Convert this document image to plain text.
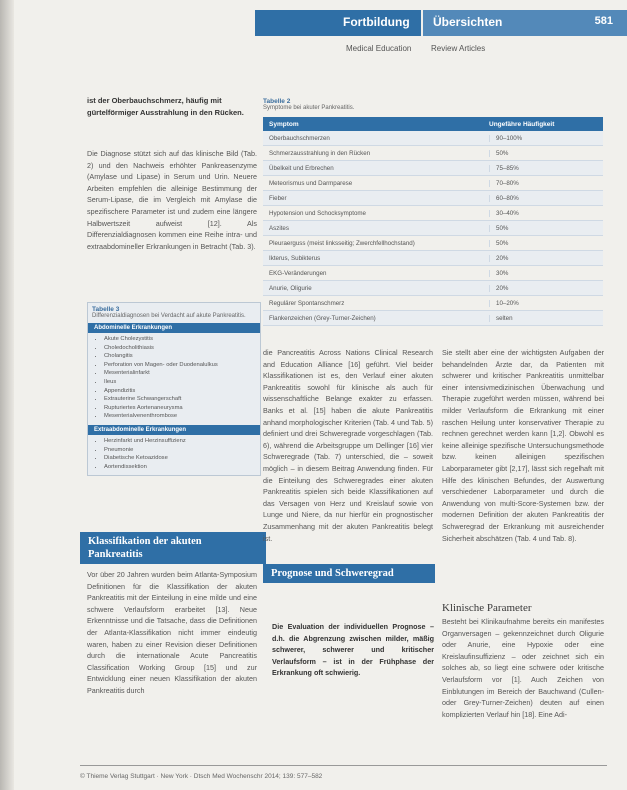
Fortbildung Übersichten	581
Medical Education Review Articles
ist der Oberbauchschmerz, häufig mit gürtelförmiger Ausstrahlung in den Rücken.
Die Diagnose stützt sich auf das klinische Bild (Tab. 2) und den Nachweis erhöhter Pankreasenzyme (Amylase und Lipase) in Serum und Urin. Neuere Arbeiten empfehlen die alleinige Bestimmung der Serum-Lipase, die im Vergleich mit Amylase die spezifischere Parameter ist und zudem eine längere Halbwertszeit aufweist [12]. Als Differenzialdiagnosen kommen eine Reihe intra- und extraabdomineller Erkrankungen in Betracht (Tab. 3).
Tabelle 2
Symptome bei akuter Pankreatitis.
Symptom	Ungefähre Häufigkeit
Oberbauchschmerzen	90–100%
Schmerzausstrahlung in den Rücken	50%
Übelkeit und Erbrechen	75–85%
Meteorismus und Darmparese	70–80%
Fieber	60–80%
Hypotension und Schocksymptome	30–40%
Aszites	50%
Pleuraerguss (meist linksseitig; Zwerchfellhochstand)	50%
Ikterus, Subikterus	20%
EKG-Veränderungen	30%
Anurie, Oligurie	20%
Regulärer Spontanschmerz	10–20%
Flankenzeichen (Grey-Turner-Zeichen)	selten
Tabelle 3
Differenzialdiagnosen bei Verdacht auf akute Pankreatitis.
Abdominelle Erkrankungen
• Akute Cholezystitis
• Choledocholithiasis
• Cholangitis
• Perforation von Magen- oder Duodenalulkus
• Mesenterialinfarkt
• Ileus
• Appendizitis
• Extrauterine Schwangerschaft
• Rupturiertes Aortenaneurysma
• Mesenterialvenenthrombose
Extraabdominelle Erkrankungen
• Herzinfarkt und Herzinsuffizienz
• Pneumonie
• Diabetische Ketoazidose
• Aortendissektion
Klassifikation der akuten Pankreatitis
Vor über 20 Jahren wurden beim Atlanta-Symposium Definitionen für die Klassifikation der akuten Pankreatitis mit der Einteilung in eine milde und eine schwere Verlaufsform erarbeitet [13]. Neue Erkenntnisse und die Tatsache, dass die Definitionen der Atlanta-Klassifikation nicht immer eindeutig waren, haben zu einer Revision dieser Definitionen durch die internationale Acute Pancreatitis Classification Working Group [15] und zur Entwicklung einer neuen Klassifikation der akuten Pankreatitis durch
die Pancreatitis Across Nations Clinical Research and Education Alliance [16] geführt. Viel beider Klassifikationen ist es, den Verlauf einer akuten Pankreatitis sowohl für klinische als auch für wissenschaftliche Belange exakter zu erfassen. Banks et al. [15] haben die akute Pankreatitis anhand morphologischer Kriterien (Tab. 4 und Tab. 5) definiert und drei Schweregrade vorgeschlagen (Tab. 6), während die Arbeitsgruppe um Dellinger [16] vier Schweregrade (Tab. 7) unterschied, die – soweit möglich – in diesem Beitrag Anwendung finden. Für die Einteilung des Schweregrades einer akuten Pankreatitis spielen sich beide Klassifikationen auf das Versagen von Herz und Kreislauf sowie von Lunge und Niere, da nur hierfür ein prognostischer Zusammenhang mit der akuten Pankreatitis belegt ist.
Prognose und Schweregrad
Die Evaluation der individuellen Prognose – d.h. die Abgrenzung zwischen milder, mäßig schwerer, schwerer und kritischer Verlaufsform – ist in der Frühphase der Erkrankung oft schwierig.
Sie stellt aber eine der wichtigsten Aufgaben der behandelnden Ärzte dar, da Patienten mit schwerer und kritischer Pankreatitis unmittelbar einer intensivmedizinischen Überwachung und Therapie zugeführt werden müssen, während bei milder Verlaufsform die Erkrankung mit einer raschen Heilung unter konservativer Therapie zu rechnen gerechnet werden kann [1,2]. Obwohl es keine alleinige spezifische Untersuchungsmethode bzw. keinen alleinigen spezifischen Laborparameter gibt [2,17], lässt sich regelhaft mit Hilfe des klinischen Befundes, der Auswertung verschiedener Laborparameter und durch die Anwendung von multi-Score-Systemen bzw. der modernen Definition der akuten Pankreatitis der Schweregrad der Erkrankung mit ausreichender Sicherheit abschätzen (Tab. 4 und Tab. 8).
Klinische Parameter
Besteht bei Klinikaufnahme bereits ein manifestes Organversagen – gekennzeichnet durch Oligurie oder Anurie, eine Hypoxie oder eine Kreislaufinsuffizienz – oder zeichnet sich ein solches ab, so liegt eine schwere oder kritische Verlaufsform vor [1]. Auch Zeichen von Einblutungen im Bereich der Bauchwand (Cullen- oder Grey-Turner-Zeichen) deuten auf einen komplizierten Verlauf hin [18]. Eine Adi-
© Thieme Verlag Stuttgart · New York · Dtsch Med Wochenschr 2014; 139: 577–582
